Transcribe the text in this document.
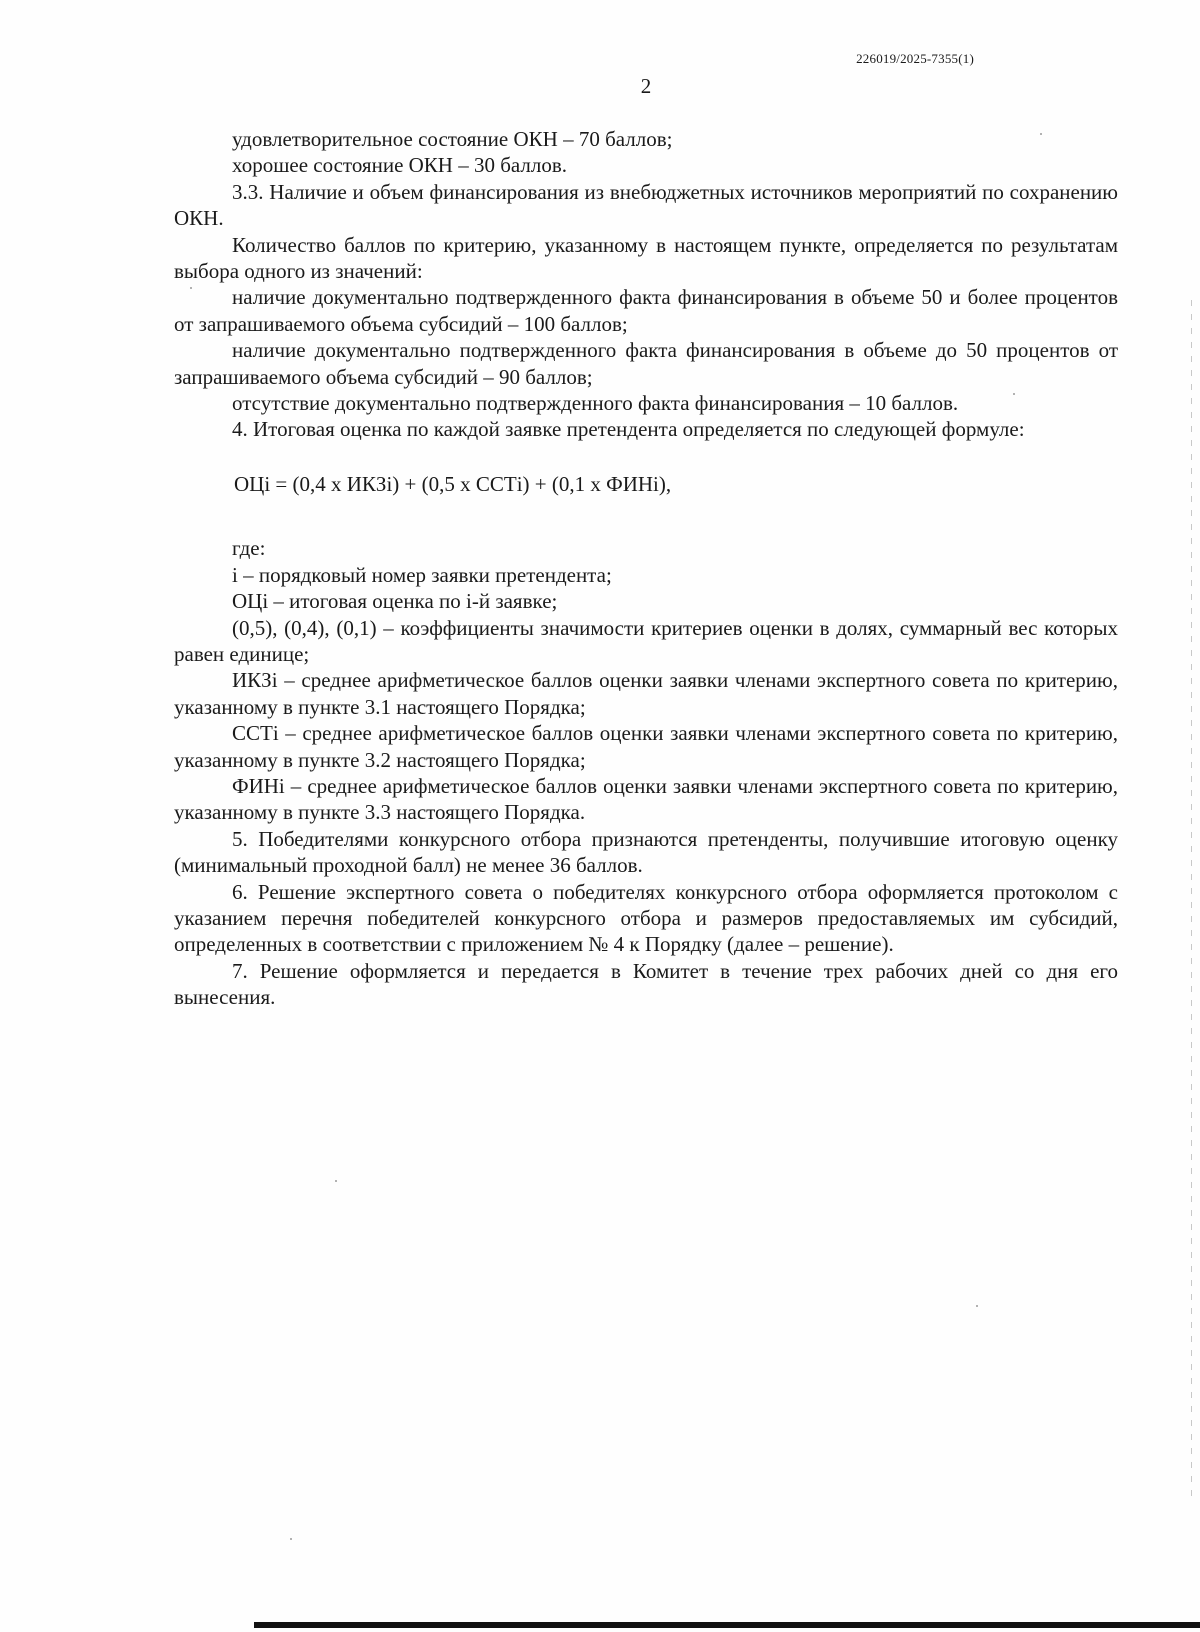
226019/2025-7355(1)
2

удовлетворительное состояние ОКН – 70 баллов;

хорошее состояние ОКН – 30 баллов.

3.3. Наличие и объем финансирования из внебюджетных источников мероприятий по сохранению ОКН.

Количество баллов по критерию, указанному в настоящем пункте, определяется по результатам выбора одного из значений:

наличие документально подтвержденного факта финансирования в объеме 50 и более процентов от запрашиваемого объема субсидий – 100 баллов;

наличие документально подтвержденного факта финансирования в объеме до 50 процентов от запрашиваемого объема субсидий – 90 баллов;

отсутствие документально подтвержденного факта финансирования – 10 баллов.

4. Итоговая оценка по каждой заявке претендента определяется по следующей формуле:

ОЦi = (0,4 х ИКЗi) + (0,5 х ССТi) + (0,1 х ФИНi),

где:

i – порядковый номер заявки претендента;

ОЦi – итоговая оценка по i-й заявке;

(0,5), (0,4), (0,1) – коэффициенты значимости критериев оценки в долях, суммарный вес которых равен единице;

ИКЗi – среднее арифметическое баллов оценки заявки членами экспертного совета по критерию, указанному в пункте 3.1 настоящего Порядка;

ССТi – среднее арифметическое баллов оценки заявки членами экспертного совета по критерию, указанному в пункте 3.2 настоящего Порядка;

ФИНi – среднее арифметическое баллов оценки заявки членами экспертного совета по критерию, указанному в пункте 3.3 настоящего Порядка.

5. Победителями конкурсного отбора признаются претенденты, получившие итоговую оценку (минимальный проходной балл) не менее 36 баллов.

6. Решение экспертного совета о победителях конкурсного отбора оформляется протоколом с указанием перечня победителей конкурсного отбора и размеров предоставляемых им субсидий, определенных в соответствии с приложением № 4 к Порядку (далее – решение).

7. Решение оформляется и передается в Комитет в течение трех рабочих дней со дня его вынесения.
